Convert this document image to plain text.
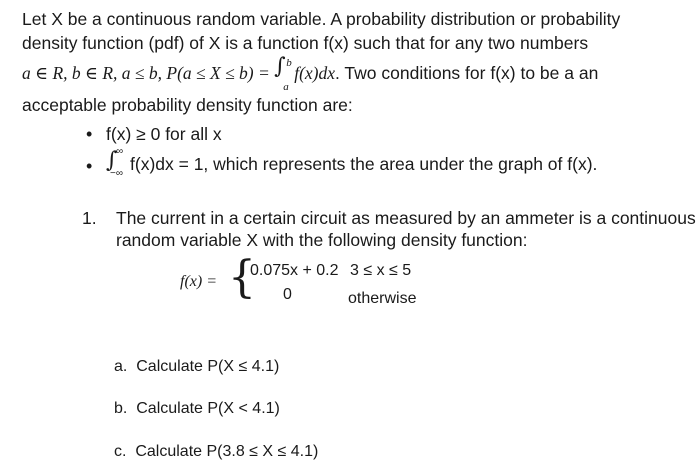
Let X be a continuous random variable. A probability distribution or probability
density function (pdf) of X is a function f(x) such that for any two numbers
a ∈ R, b ∈ R, a ≤ b, P(a ≤ X ≤ b) = ∫ b
a
f(x)dx. Two conditions for f(x) to be a an
acceptable probability density function are:
• f(x) ≥ 0 for all x
• ∫
∞
−∞ f(x)dx = 1, which represents the area under the graph of f(x).
1. The current in a certain circuit as measured by an ammeter is a continuous
random variable X with the following density function:
f(x) = {
0.075x + 0.2 3 ≤ x ≤ 5
0	otherwise
a. Calculate P(X ≤ 4.1)
b. Calculate P(X < 4.1)
c. Calculate P(3.8 ≤ X ≤ 4.1)
